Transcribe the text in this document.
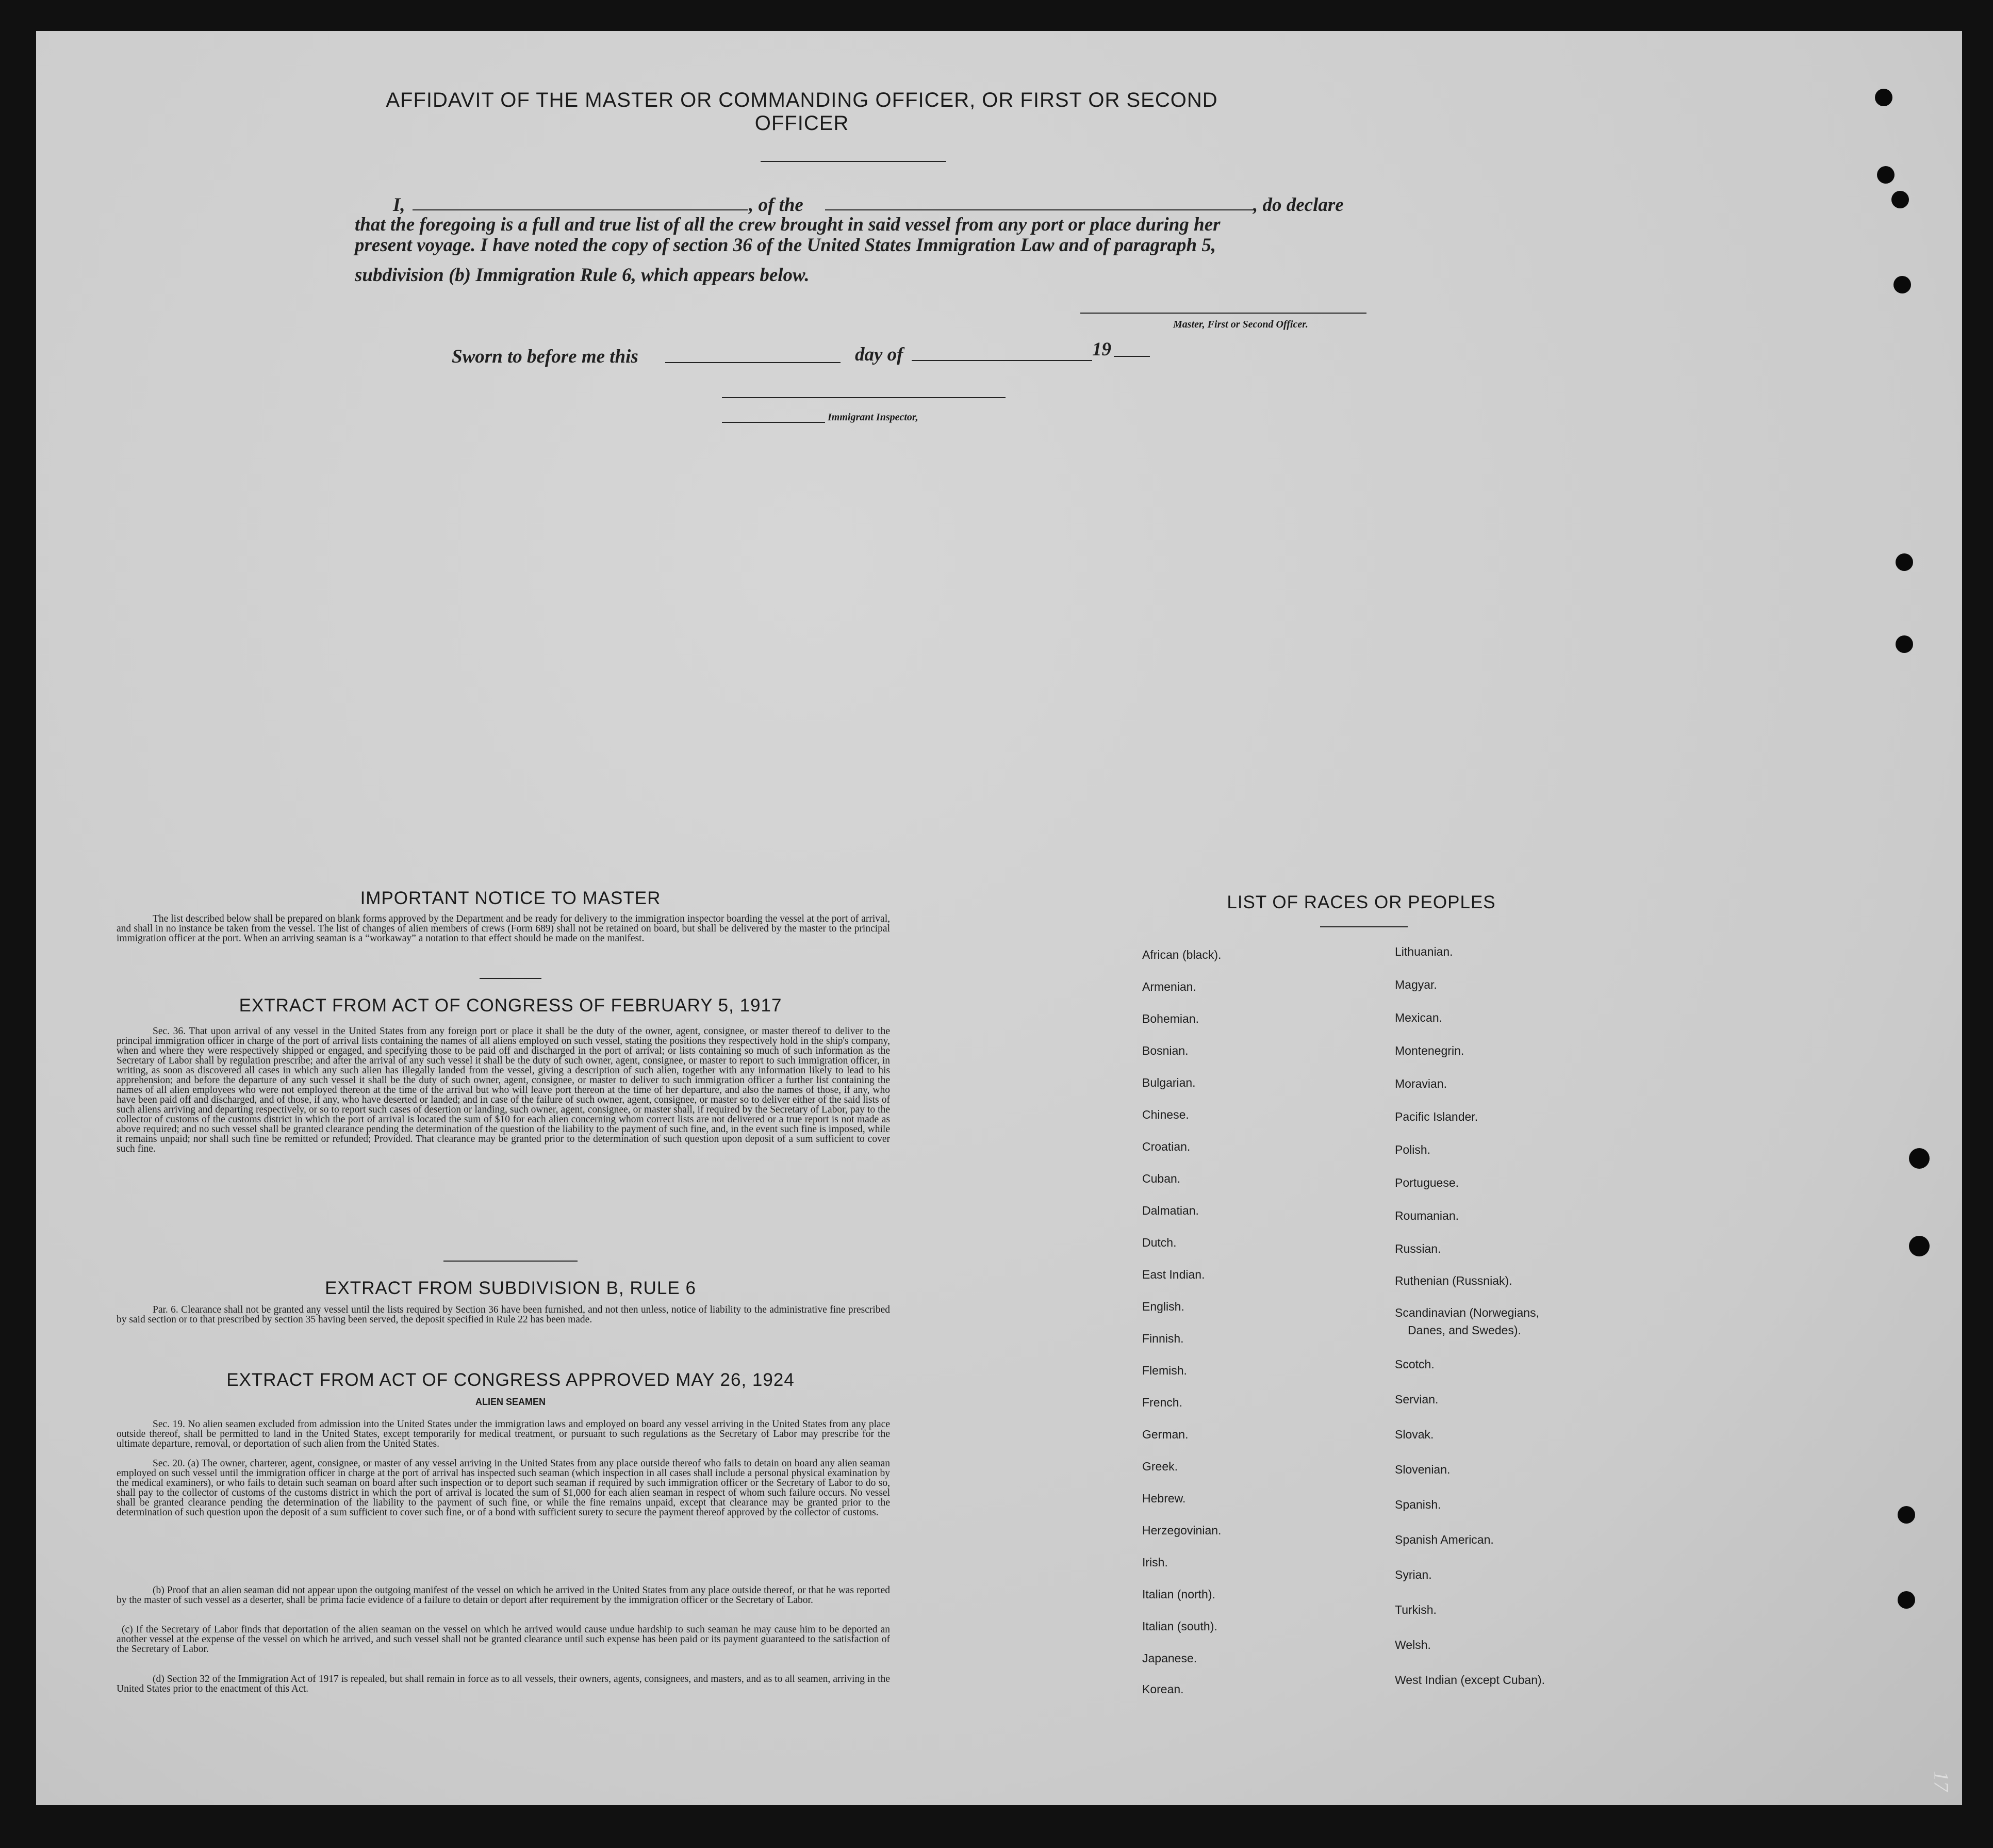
AFFIDAVIT OF THE MASTER OR COMMANDING OFFICER, OR FIRST OR SECOND OFFICER
I,	, of the	, do declare
that the foregoing is a full and true list of all the crew brought in said vessel from any port or place during her
present voyage. I have noted the copy of section 36 of the United States Immigration Law and of paragraph 5,
subdivision (b) Immigration Rule 6, which appears below.
Master, First or Second Officer.
Sworn to before me this	day of	19
Immigrant Inspector,
IMPORTANT NOTICE TO MASTER
The list described below shall be prepared on blank forms approved by the Department and be ready for delivery to the immigration inspector boarding the vessel at the port of arrival, and shall in no instance be taken from the vessel. The list of changes of alien members of crews (Form 689) shall not be retained on board, but shall be delivered by the master to the principal immigration officer at the port. When an arriving seaman is a “workaway” a notation to that effect should be made on the manifest.
EXTRACT FROM ACT OF CONGRESS OF FEBRUARY 5, 1917
Sec. 36. That upon arrival of any vessel in the United States from any foreign port or place it shall be the duty of the owner, agent, consignee, or master thereof to deliver to the principal immigration officer in charge of the port of arrival lists containing the names of all aliens employed on such vessel, stating the positions they respectively hold in the ship's company, when and where they were respectively shipped or engaged, and specifying those to be paid off and discharged in the port of arrival; or lists containing so much of such information as the Secretary of Labor shall by regulation prescribe; and after the arrival of any such vessel it shall be the duty of such owner, agent, consignee, or master to report to such immigration officer, in writing, as soon as discovered all cases in which any such alien has illegally landed from the vessel, giving a description of such alien, together with any information likely to lead to his apprehension; and before the departure of any such vessel it shall be the duty of such owner, agent, consignee, or master to deliver to such immigration officer a further list containing the names of all alien employees who were not employed thereon at the time of the arrival but who will leave port thereon at the time of her departure, and also the names of those, if any, who have been paid off and discharged, and of those, if any, who have deserted or landed; and in case of the failure of such owner, agent, consignee, or master so to deliver either of the said lists of such aliens arriving and departing respectively, or so to report such cases of desertion or landing, such owner, agent, consignee, or master shall, if required by the Secretary of Labor, pay to the collector of customs of the customs district in which the port of arrival is located the sum of $10 for each alien concerning whom correct lists are not delivered or a true report is not made as above required; and no such vessel shall be granted clearance pending the determination of the question of the liability to the payment of such fine, and, in the event such fine is imposed, while it remains unpaid; nor shall such fine be remitted or refunded; Provided. That clearance may be granted prior to the determination of such question upon deposit of a sum sufficient to cover such fine.
EXTRACT FROM SUBDIVISION B, RULE 6
Par. 6. Clearance shall not be granted any vessel until the lists required by Section 36 have been furnished, and not then unless, notice of liability to the administrative fine prescribed by said section or to that prescribed by section 35 having been served, the deposit specified in Rule 22 has been made.
EXTRACT FROM ACT OF CONGRESS APPROVED MAY 26, 1924
ALIEN SEAMEN
Sec. 19. No alien seamen excluded from admission into the United States under the immigration laws and employed on board any vessel arriving in the United States from any place outside thereof, shall be permitted to land in the United States, except temporarily for medical treatment, or pursuant to such regulations as the Secretary of Labor may prescribe for the ultimate departure, removal, or deportation of such alien from the United States.
Sec. 20. (a) The owner, charterer, agent, consignee, or master of any vessel arriving in the United States from any place outside thereof who fails to detain on board any alien seaman employed on such vessel until the immigration officer in charge at the port of arrival has inspected such seaman (which inspection in all cases shall include a personal physical examination by the medical examiners), or who fails to detain such seaman on board after such inspection or to deport such seaman if required by such immigration officer or the Secretary of Labor to do so, shall pay to the collector of customs of the customs district in which the port of arrival is located the sum of $1,000 for each alien seaman in respect of whom such failure occurs. No vessel shall be granted clearance pending the determination of the liability to the payment of such fine, or while the fine remains unpaid, except that clearance may be granted prior to the determination of such question upon the deposit of a sum sufficient to cover such fine, or of a bond with sufficient surety to secure the payment thereof approved by the collector of customs.
(b) Proof that an alien seaman did not appear upon the outgoing manifest of the vessel on which he arrived in the United States from any place outside thereof, or that he was reported by the master of such vessel as a deserter, shall be prima facie evidence of a failure to detain or deport after requirement by the immigration officer or the Secretary of Labor.
(c) If the Secretary of Labor finds that deportation of the alien seaman on the vessel on which he arrived would cause undue hardship to such seaman he may cause him to be deported an another vessel at the expense of the vessel on which he arrived, and such vessel shall not be granted clearance until such expense has been paid or its payment guaranteed to the satisfaction of the Secretary of Labor.
(d) Section 32 of the Immigration Act of 1917 is repealed, but shall remain in force as to all vessels, their owners, agents, consignees, and masters, and as to all seamen, arriving in the United States prior to the enactment of this Act.
LIST OF RACES OR PEOPLES
17
African (black).
Armenian.
Bohemian.
Bosnian.
Bulgarian.
Chinese.
Croatian.
Cuban.
Dalmatian.
Dutch.
East Indian.
English.
Finnish.
Flemish.
French.
German.
Greek.
Hebrew.
Herzegovinian.
Irish.
Italian (north).
Italian (south).
Japanese.
Korean.
Lithuanian.
Magyar.
Mexican.
Montenegrin.
Moravian.
Pacific Islander.
Polish.
Portuguese.
Roumanian.
Russian.
Ruthenian (Russniak).
Scandinavian (Norwegians,
Danes, and Swedes).
Scotch.
Servian.
Slovak.
Slovenian.
Spanish.
Spanish American.
Syrian.
Turkish.
Welsh.
West Indian (except Cuban).
